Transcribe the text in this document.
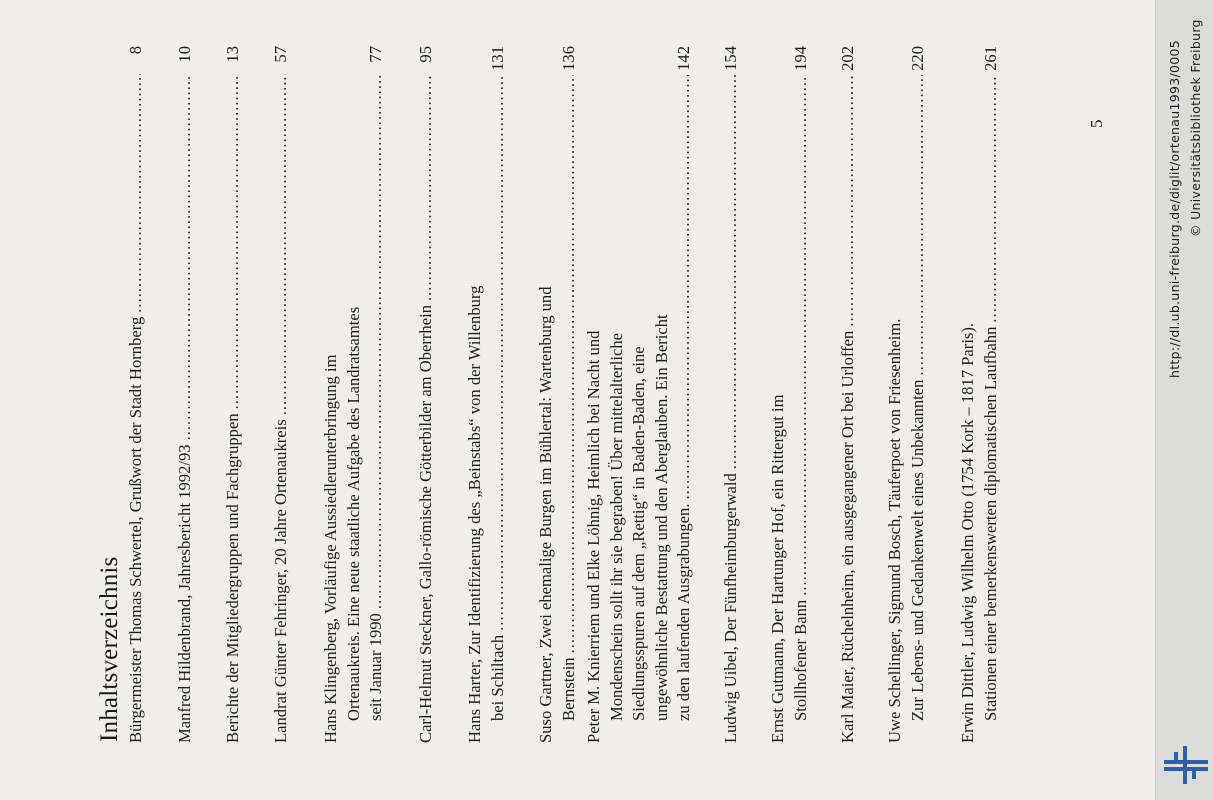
Inhaltsverzeichnis Bürgermeister Thomas Schwertel, Grußwort der Stadt Hornberg
.....
8
Manfred Hildenbrand, Jahresbericht 1992/93
.....
10
Berichte der Mitgliedergruppen und Fachgruppen
.....
13
Landrat Günter Fehringer, 20 Jahre Ortenaukreis
.....
57
Hans Klingenberg, Vorläufige Aussiedlerunterbringung im Ortenaukreis. Eine neue staatliche Aufgabe des Landratsamtes seit Januar 1990
.....
77
Carl-Helmut Steckner, Gallo-römische Götterbilder am Oberrhein
.....
95
Hans Harter, Zur Identifizierung des „Beinstabs“ von der Willenburg bei Schiltach
.....
131
Suso Gartner, Zwei ehemalige Burgen im Bühlertal: Wartenburg und Bernstein
.....
136
Peter M. Knierriem und Elke Löhnig, Heimlich bei Nacht und Mondenschein sollt ihr sie begraben! Über mittelalterliche Siedlungsspuren auf dem „Rettig“ in Baden-Baden, eine ungewöhnliche Bestattung und den Aberglauben. Ein Bericht zu den laufenden Ausgrabungen.
.....
142
Ludwig Uibel, Der Fünfheimburgerwald
.....
154
Ernst Gutmann, Der Hartunger Hof, ein Rittergut im Stollhofener Bann
.....
194
Karl Maier, Rüchelnheim, ein ausgegangener Ort bei Urloffen
.....
202
Uwe Schellinger, Sigmund Bosch, Täuferpoet von Friesenheim. Zur Lebens- und Gedankenwelt eines Unbekannten
.....
220
Erwin Dittler, Ludwig Wilhelm Otto (1754 Kork – 1817 Paris). Stationen einer bemerkenswerten diplomatischen Laufbahn
.....
261
5	http://dl.ub.uni-freiburg.de/diglit/ortenau1993/0005 © Universitätsbibliothek Freiburg
